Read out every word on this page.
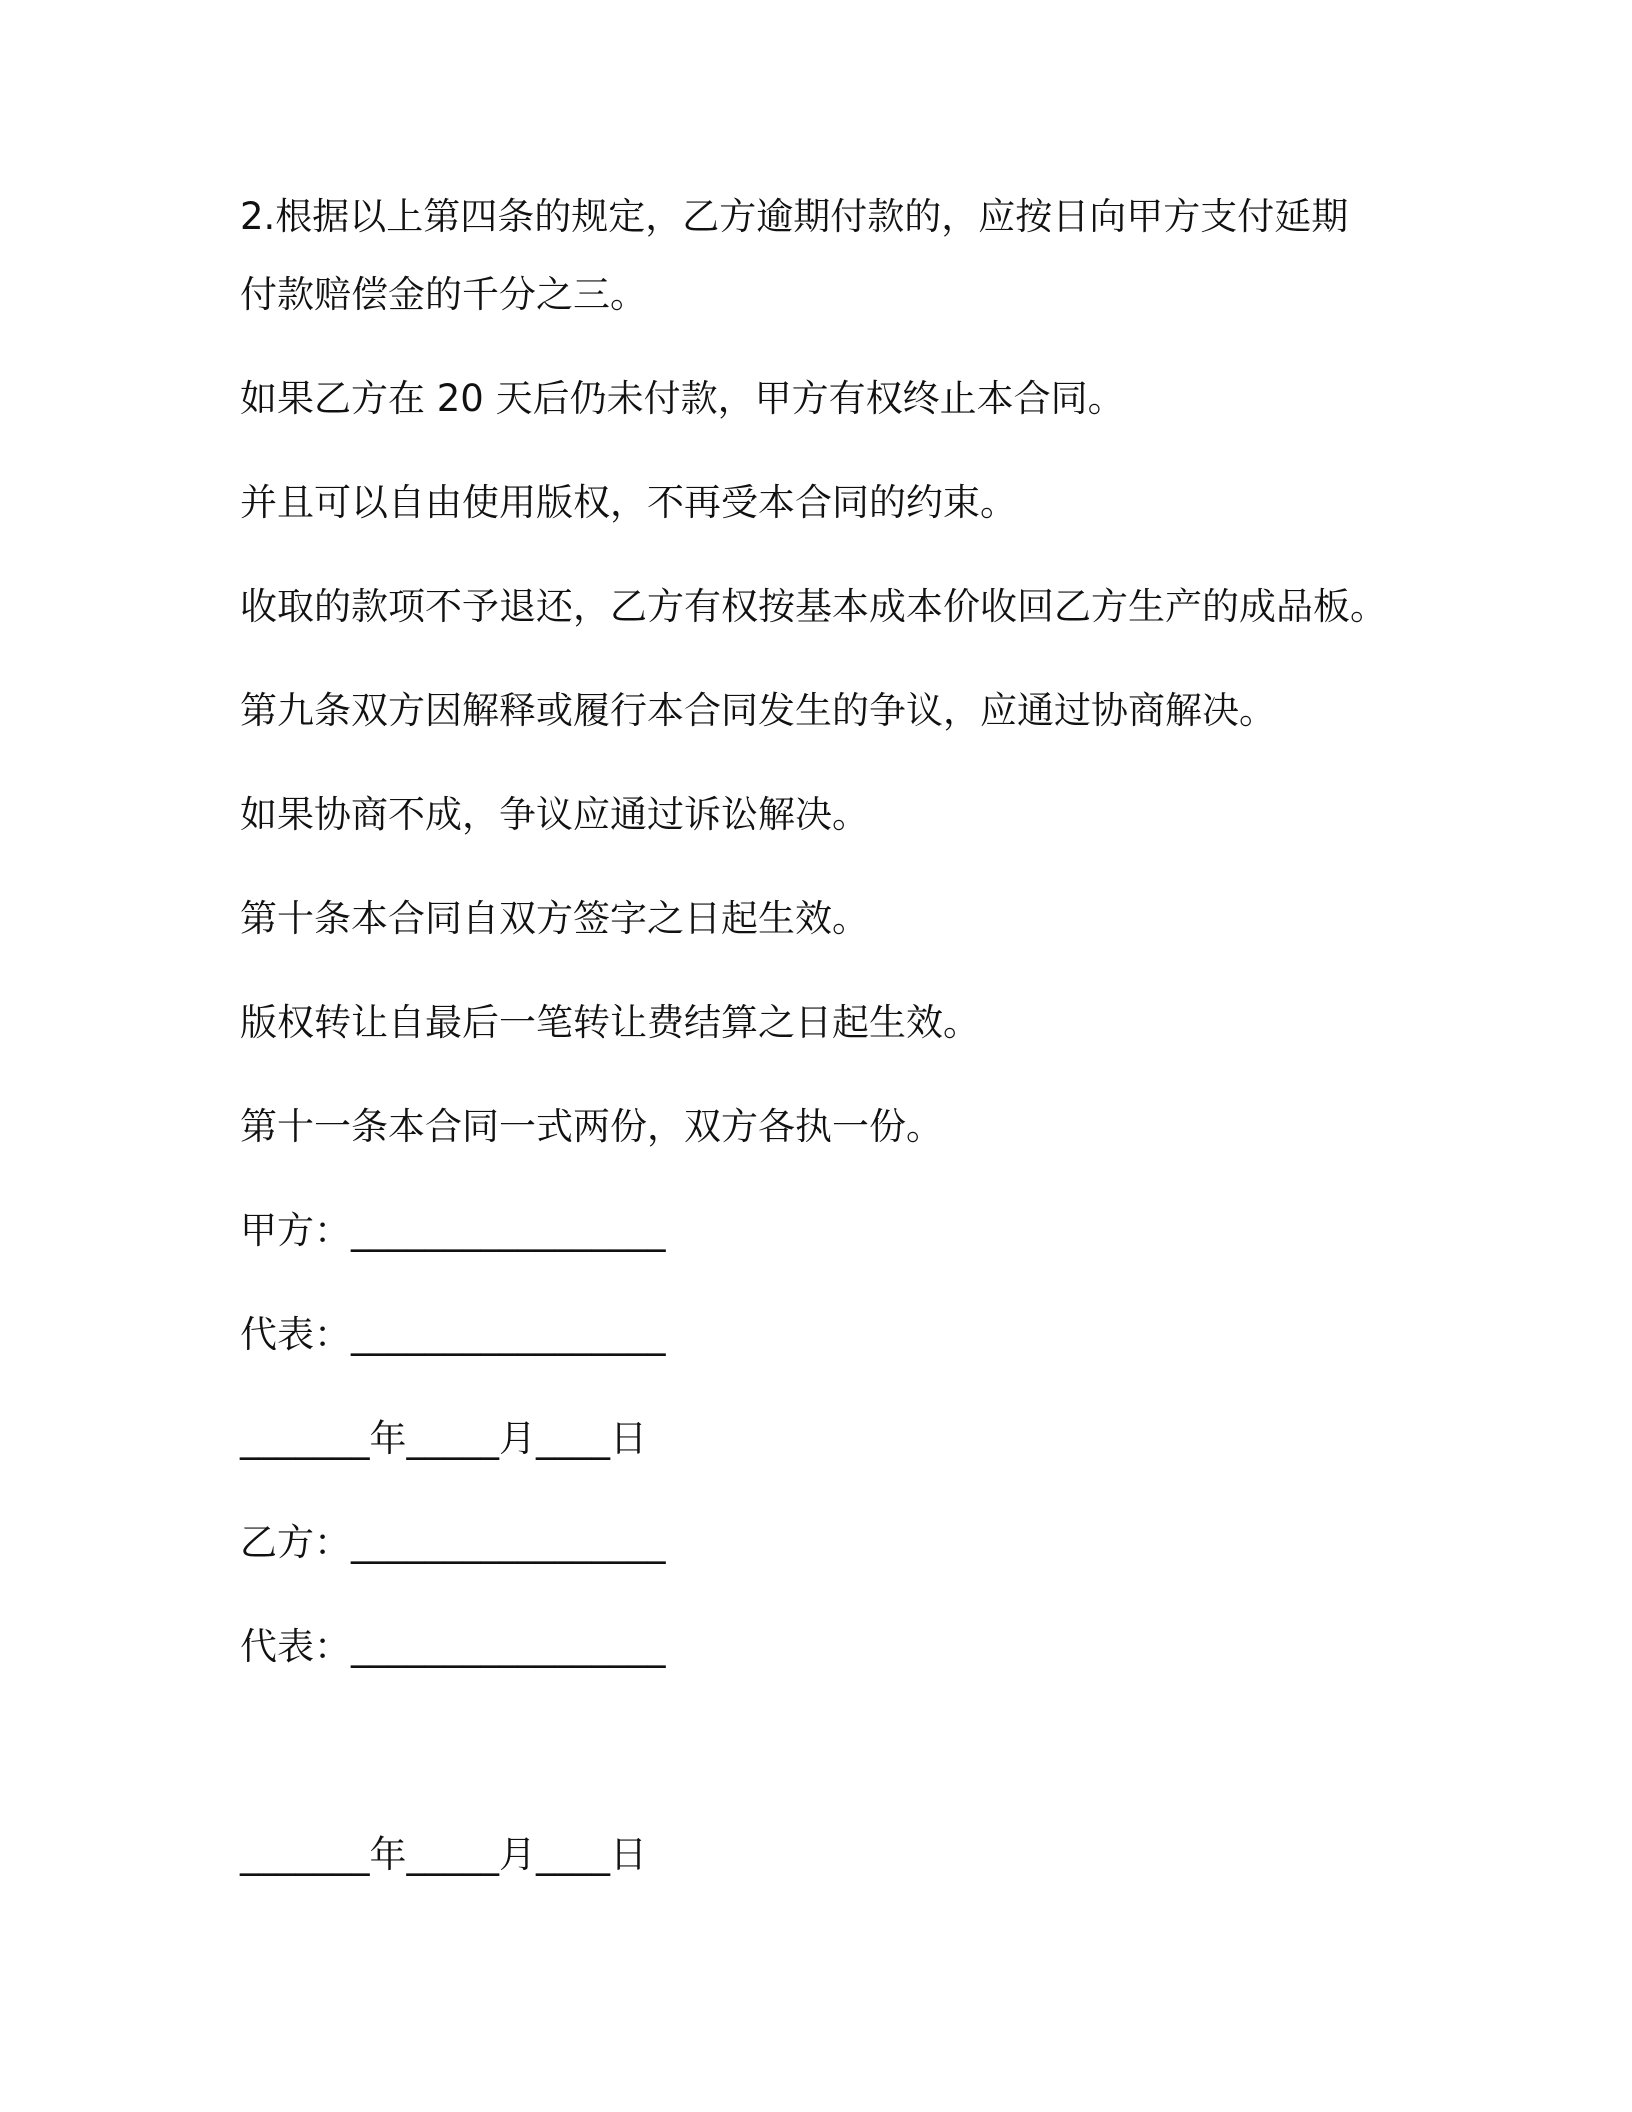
2.根据以上第四条的规定，乙方逾期付款的，应按日向甲方支付延期
付款赔偿金的千分之三。
如果乙方在 20 天后仍未付款，甲方有权终止本合同。
并且可以自由使用版权，不再受本合同的约束。
收取的款项不予退还，乙方有权按基本成本价收回乙方生产的成品板。
第九条双方因解释或履行本合同发生的争议，应通过协商解决。
如果协商不成，争议应通过诉讼解决。
第十条本合同自双方签字之日起生效。
版权转让自最后一笔转让费结算之日起生效。
第十一条本合同一式两份，双方各执一份。
甲方：_________________
代表：_________________
_______年_____月____日
乙方：_________________
代表：_________________
_______年_____月____日
